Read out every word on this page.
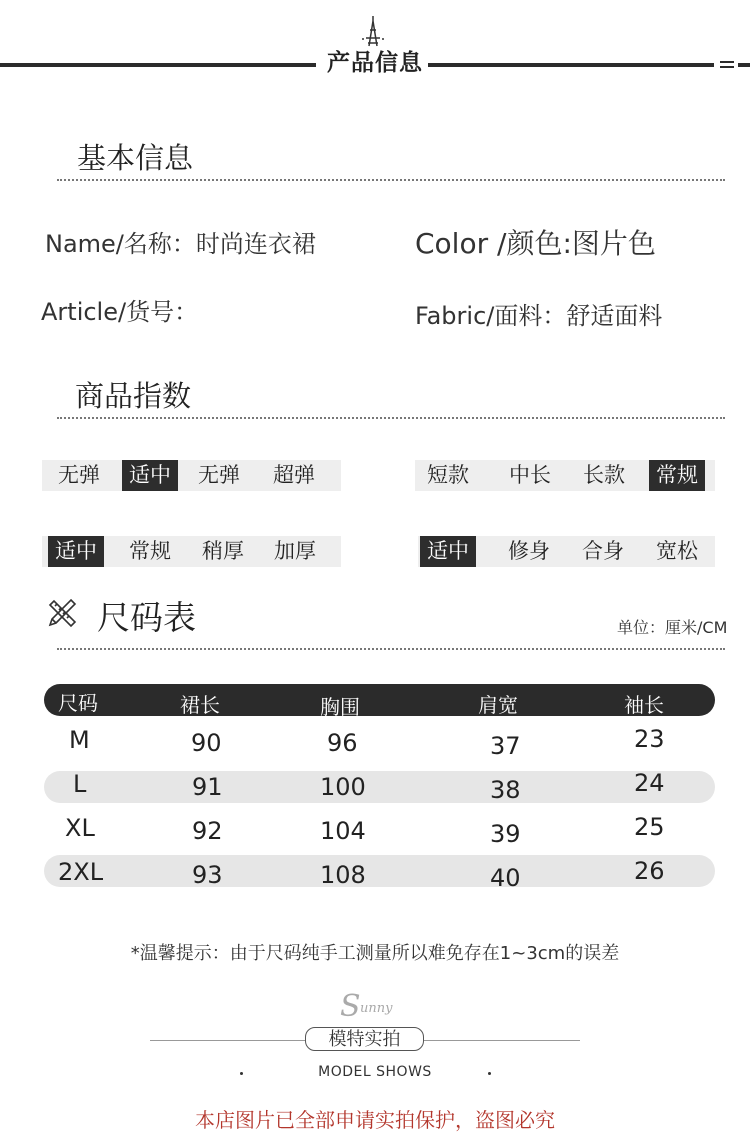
产品信息
基本信息
Name/名称：时尚连衣裙	Color /颜色:图片色
Article/货号：	Fabric/面料：舒适面料
商品指数
无弹	适中	无弹	超弹	短款	中长	长款	常规
适中	常规	稍厚	加厚	适中	修身	合身	宽松
尺码表	单位：厘米/CM
尺码	裙长	胸围	肩宽	袖长
M	90	96	37	23
L	91	100	38	24
XL	92	104	39	25
2XL	93	108	40	26
*温馨提示：由于尺码纯手工测量所以难免存在1~3cm的误差
S unny
模特实拍
MODEL SHOWS
本店图片已全部申请实拍保护，盗图必究
